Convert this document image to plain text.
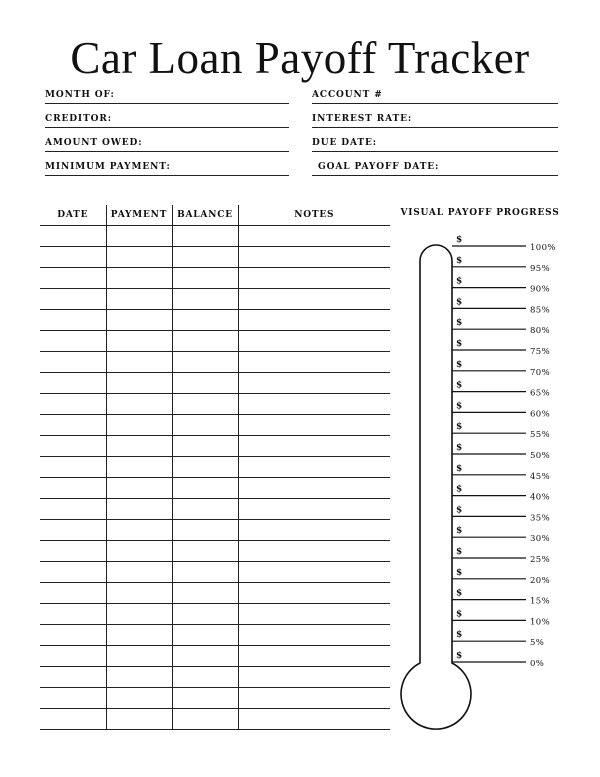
Car Loan Payoff Tracker
MONTH OF:	ACCOUNT #
CREDITOR:	INTEREST RATE:
AMOUNT OWED:	DUE DATE:
MINIMUM PAYMENT:	GOAL PAYOFF DATE:
DATE	PAYMENT	BALANCE	NOTES

				VISUAL PAYOFF PROGRESS
$
100%
$
95%
$
90%
$
85%
$
80%
$
75%
$
70%
$
65%
$
60%
$
55%
$
50%
$
45%
$
40%
$
35%
$
30%
$
25%
$
20%
$
15%
$
10%
$
5%
$
0%
